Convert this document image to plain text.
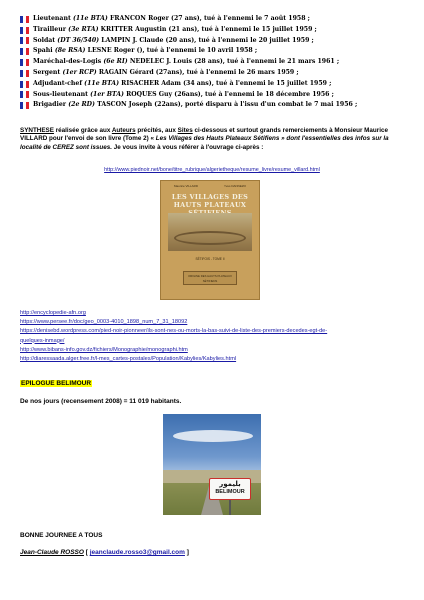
Lieutenant (11e BTA) FRANCON Roger (27 ans), tué à l'ennemi le 7 août 1958 ;
Tirailleur (3e RTA) KRITTER Augustin (21 ans), tué à l'ennemi le 15 juillet 1959 ;
Soldat (DT 36/540) LAMPIN J. Claude (20 ans), tué à l'ennemi le 20 juillet 1959 ;
Spahi (8e RSA) LESNE Roger (), tué à l'ennemi le 10 avril 1958 ;
Maréchal-des-Logis (6e RI) NEDELEC J. Louis (28 ans), tué à l'ennemi le 21 mars 1961 ;
Sergent (1er RCP) RAGAIN Gérard (27ans), tué à l'ennemi le 26 mars 1959 ;
Adjudant-chef (11e BTA) RISACHER Adam (34 ans), tué à l'ennemi le 15 juillet 1959 ;
Sous-lieutenant (1er BTA) ROQUES Guy (26ans), tué à l'ennemi le 18 décembre 1956 ;
Brigadier (2e RD) TASCON Joseph (22ans), porté disparu à l'issu d'un combat le 7 mai 1956 ;
SYNTHESE réalisée grâce aux Auteurs précités, aux Sites ci-dessous et surtout grands remerciements à Monsieur Maurice VILLARD pour l'envoi de son livre (Tome 2) « Les Villages des Hauts Plateaux Sétifiens » dont l'essentielles des infos sur la localité de CEREZ sont issues. Je vous invite à vous référer à l'ouvrage ci-après :
http://www.piednoir.net/bone/titre_rubrique/algerietheque/resume_livre/resume_villard.html
Maurice VILLARD	Yves DANNEZO
LES VILLAGES DES HAUTS PLATEAUX
SÉTIFOIS - TOME II
ORIGINE DES HAUTS PLATEAUX SÉTIFIENS
http://encyclopedie-afn.org
https://www.persee.fr/doc/geo_0003-4010_1898_num_7_31_18092
https://denisebd.wordpress.com/pied-noir-pionneer/ils-sont-nes-ou-morts-la-bas-suivi-de-liste-des-premiers-decedes-egt-de-
quelques-inmage/
http://www.bibans-info.gov.dz/fichiers/Monographie/monographi.htm
http://diaressaada.alger.free.fr/l-mes_cartes-postales/Population/Kabylies/Kabylies.html
EPILOGUE BELIMOUR
De nos jours (recensement 2008) = 11 019 habitants.
بليمور
BELIMOUR
BONNE JOURNEE A TOUS
Jean-Claude ROSSO [ jeanclaude.rosso3@gmail.com ]
